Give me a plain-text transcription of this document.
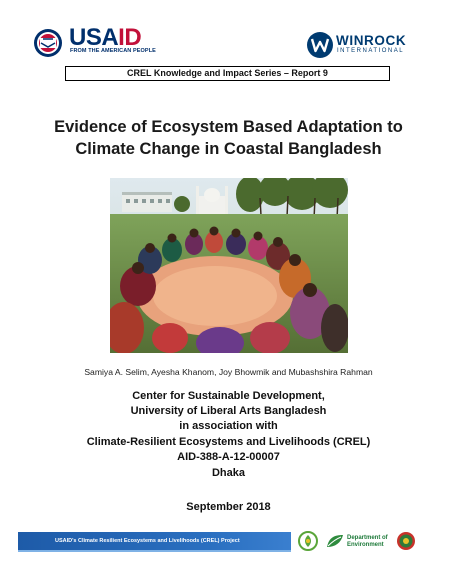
USAID
FROM THE AMERICAN PEOPLE
WINROCK
INTERNATIONAL
CREL Knowledge and Impact Series – Report 9
Evidence of Ecosystem Based Adaptation to
Climate Change in Coastal Bangladesh
Samiya A. Selim, Ayesha Khanom, Joy Bhowmik and Mubashshira Rahman
Center for Sustainable Development,
University of Liberal Arts Bangladesh
in association with
Climate-Resilient Ecosystems and Livelihoods (CREL)
AID-388-A-12-00007
Dhaka
September 2018
USAID's Climate Resilient Ecosystems and Livelihoods (CREL) Project	Department of
Environment
